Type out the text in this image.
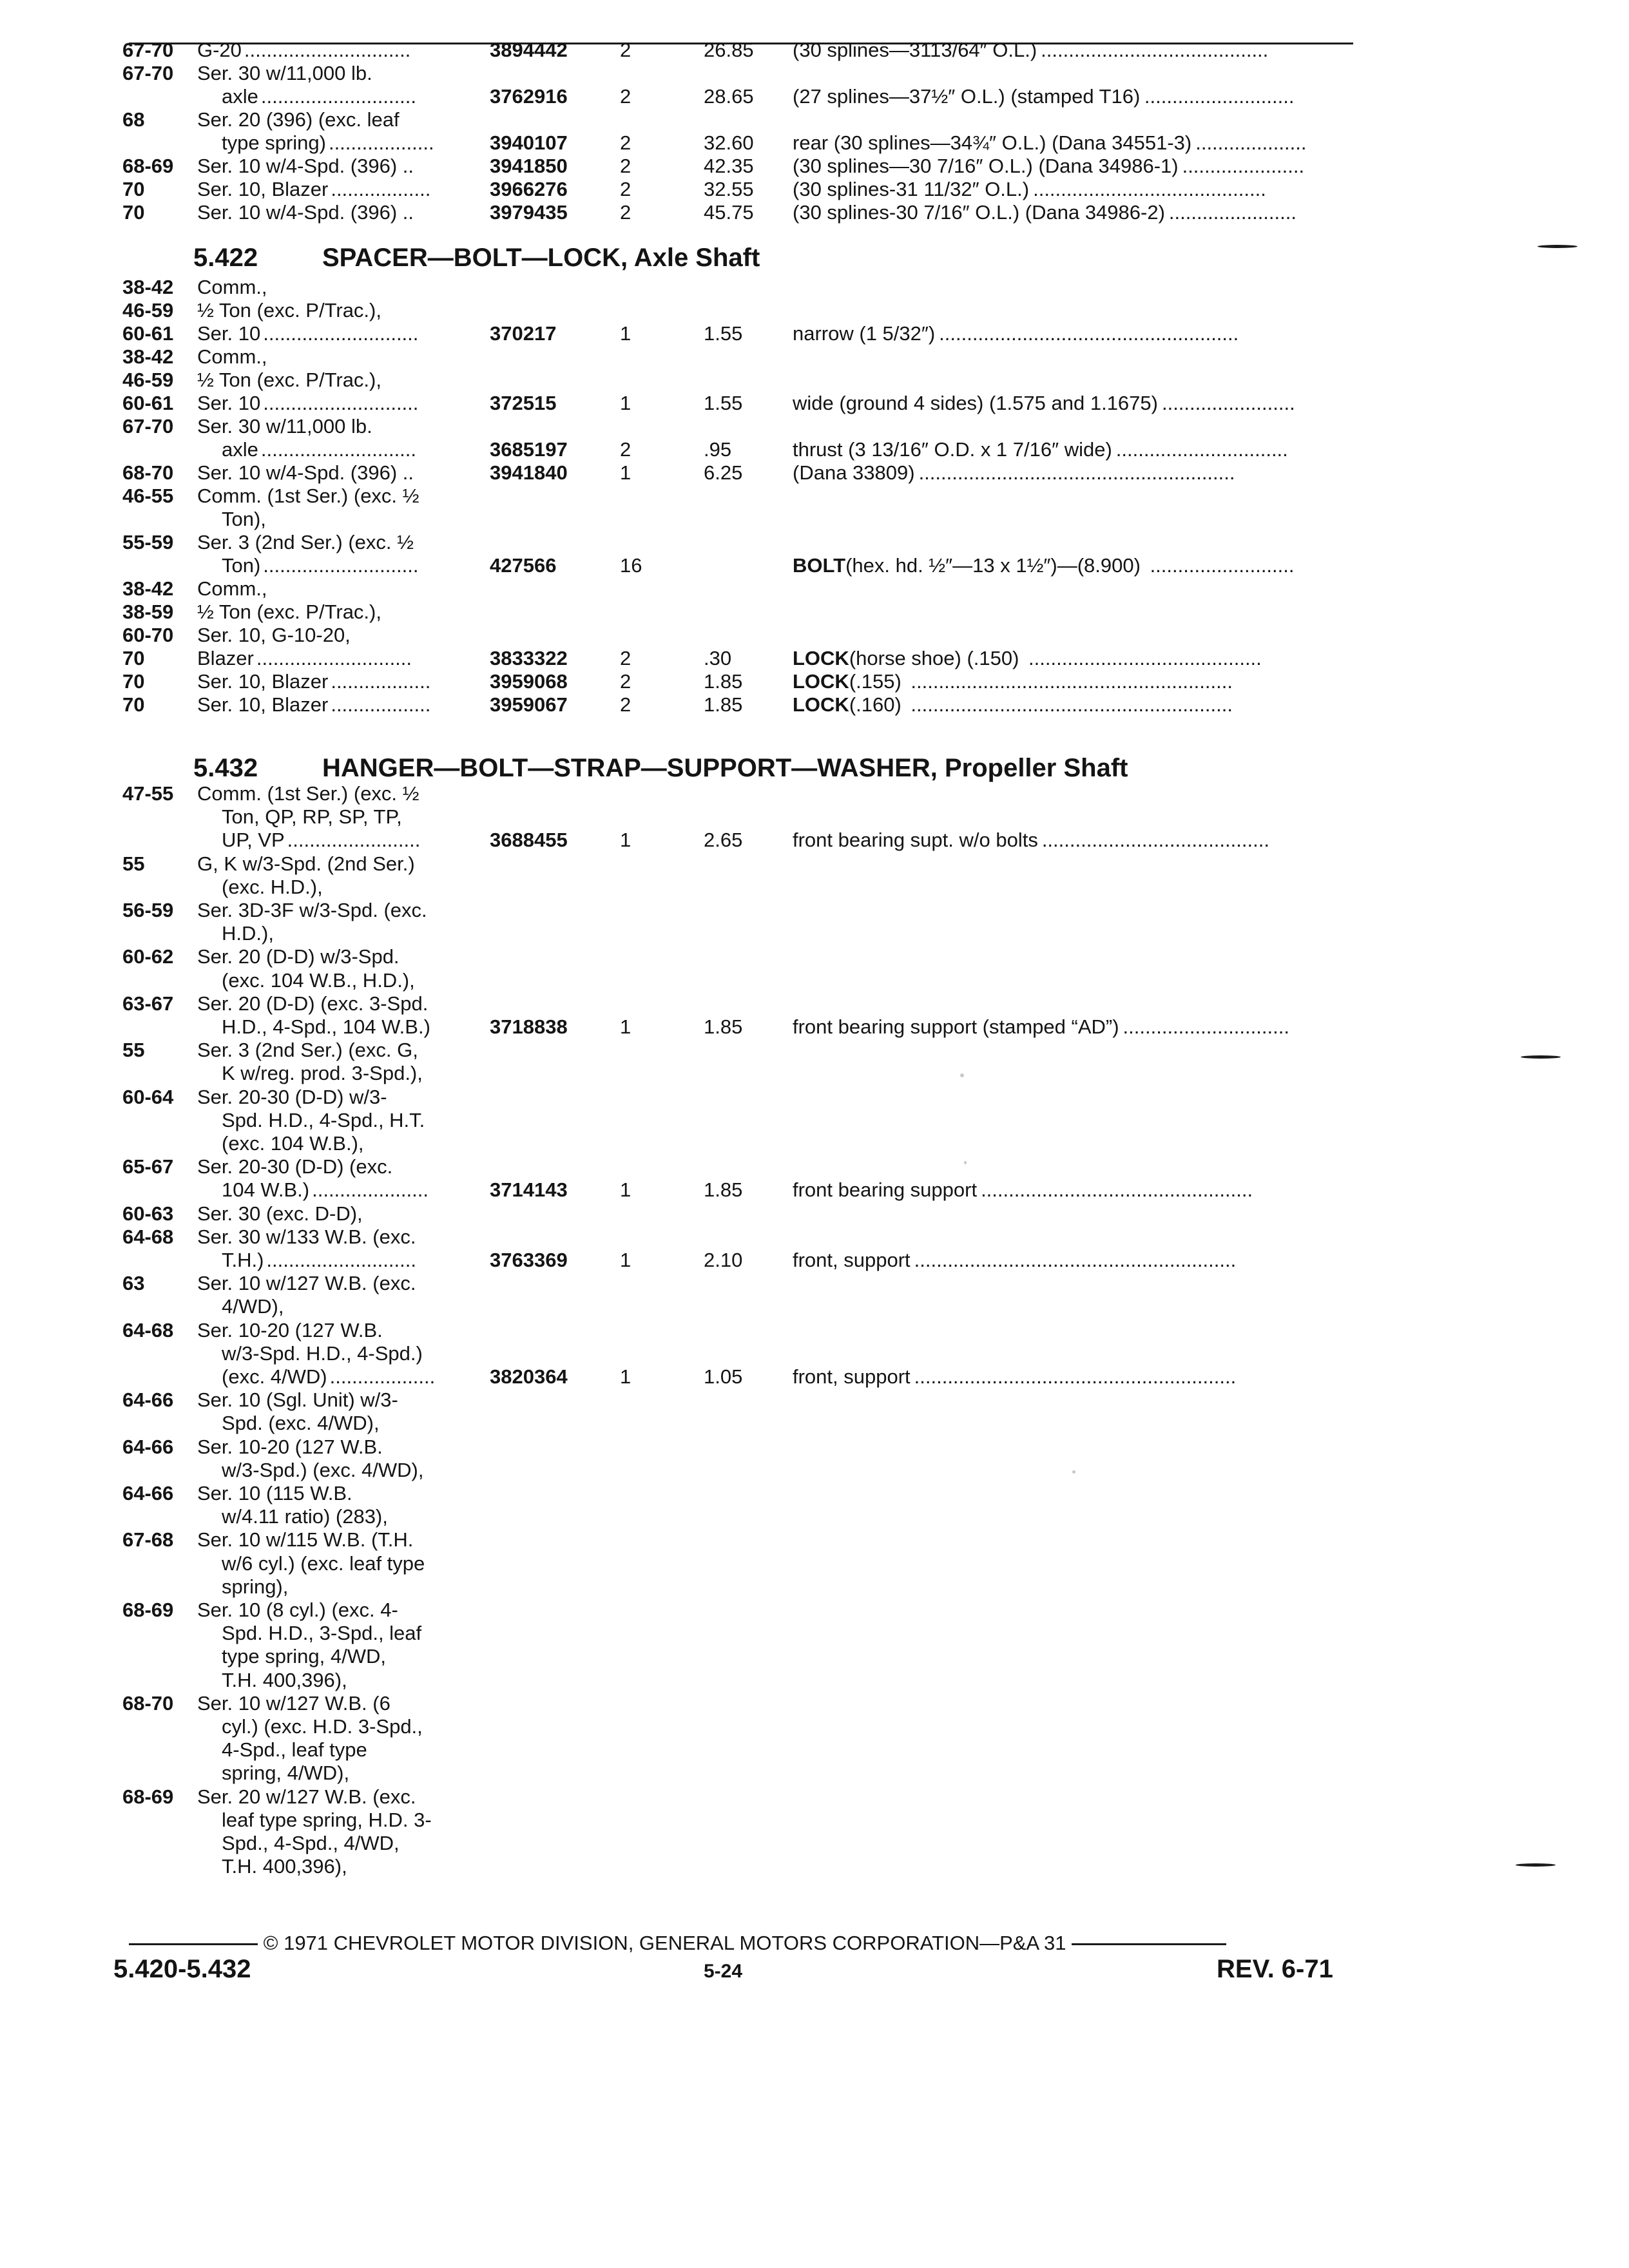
67-70 G-20 ..............................	3894442	2	26.85 (30 splines—3113/64″ O.L.) .........................................
67-70 Ser. 30 w/11,000 lb.
axle ............................	3762916	2	28.65 (27 splines—37½″ O.L.) (stamped T16) ...........................
68	Ser. 20 (396) (exc. leaf
type spring) ...................	3940107	2	32.60 rear (30 splines—34¾″ O.L.) (Dana 34551-3) ....................
68-69 Ser. 10 w/4-Spd. (396) ..	3941850	2	42.35 (30 splines—30 7/16″ O.L.) (Dana 34986-1) ......................
70	Ser. 10, Blazer ..................	3966276	2	32.55 (30 splines-31 11/32″ O.L.) ..........................................
70	Ser. 10 w/4-Spd. (396) ..	3979435	2	45.75 (30 splines-30 7/16″ O.L.) (Dana 34986-2) .......................
5.422 SPACER—BOLT—LOCK, Axle Shaft
38-42 Comm.,
46-59 ½ Ton (exc. P/Trac.),
60-61 Ser. 10 ............................	370217	1	1.55	narrow (1 5/32″) ......................................................
38-42 Comm.,
46-59 ½ Ton (exc. P/Trac.),
60-61 Ser. 10 ............................	372515	1	1.55	wide (ground 4 sides) (1.575 and 1.1675) ........................
67-70 Ser. 30 w/11,000 lb.
axle ............................	3685197	2	.95	thrust (3 13/16″ O.D. x 1 7/16″ wide) ...............................
68-70 Ser. 10 w/4-Spd. (396) ..	3941840	1	6.25	(Dana 33809) .........................................................
46-55 Comm. (1st Ser.) (exc. ½
Ton),
55-59 Ser. 3 (2nd Ser.) (exc. ½
Ton) ............................	427566	16	BOLT (hex. hd. ½″—13 x 1½″)—(8.900) ..........................
38-42 Comm.,
38-59 ½ Ton (exc. P/Trac.),
60-70 Ser. 10, G-10-20,
70	Blazer ............................	3833322	2	.30	LOCK (horse shoe) (.150) ..........................................
70	Ser. 10, Blazer ..................	3959068	2	1.85	LOCK (.155) ..........................................................
70	Ser. 10, Blazer ..................	3959067	2	1.85	LOCK (.160) ..........................................................
5.432 HANGER—BOLT—STRAP—SUPPORT—WASHER, Propeller Shaft
47-55 Comm. (1st Ser.) (exc. ½
Ton, QP, RP, SP, TP,
UP, VP ........................	3688455	1	2.65	front bearing supt. w/o bolts .........................................
55	G, K w/3-Spd. (2nd Ser.)
(exc. H.D.),
56-59 Ser. 3D-3F w/3-Spd. (exc.
H.D.),
60-62 Ser. 20 (D-D) w/3-Spd.
(exc. 104 W.B., H.D.),
63-67 Ser. 20 (D-D) (exc. 3-Spd.
H.D., 4-Spd., 104 W.B.)	3718838	1	1.85	front bearing support (stamped “AD”) ..............................
55	Ser. 3 (2nd Ser.) (exc. G,
K w/reg. prod. 3-Spd.),
60-64 Ser. 20-30 (D-D) w/3-
Spd. H.D., 4-Spd., H.T.
(exc. 104 W.B.),
65-67 Ser. 20-30 (D-D) (exc.
104 W.B.) .....................	3714143	1	1.85	front bearing support .................................................
60-63 Ser. 30 (exc. D-D),
64-68 Ser. 30 w/133 W.B. (exc.
T.H.) ...........................	3763369	1	2.10	front, support ..........................................................
63	Ser. 10 w/127 W.B. (exc.
4/WD),
64-68 Ser. 10-20 (127 W.B.
w/3-Spd. H.D., 4-Spd.)
(exc. 4/WD) ...................	3820364	1	1.05	front, support ..........................................................
64-66 Ser. 10 (Sgl. Unit) w/3-
Spd. (exc. 4/WD),
64-66 Ser. 10-20 (127 W.B.
w/3-Spd.) (exc. 4/WD),
64-66 Ser. 10 (115 W.B.
w/4.11 ratio) (283),
67-68 Ser. 10 w/115 W.B. (T.H.
w/6 cyl.) (exc. leaf type
spring),
68-69 Ser. 10 (8 cyl.) (exc. 4-
Spd. H.D., 3-Spd., leaf
type spring, 4/WD,
T.H. 400,396),
68-70 Ser. 10 w/127 W.B. (6
cyl.) (exc. H.D. 3-Spd.,
4-Spd., leaf type
spring, 4/WD),
68-69 Ser. 20 w/127 W.B. (exc.
leaf type spring, H.D. 3-
Spd., 4-Spd., 4/WD,
T.H. 400,396),
© 1971 CHEVROLET MOTOR DIVISION, GENERAL MOTORS CORPORATION—P&A 31
5.420-5.432	5-24	REV. 6-71
